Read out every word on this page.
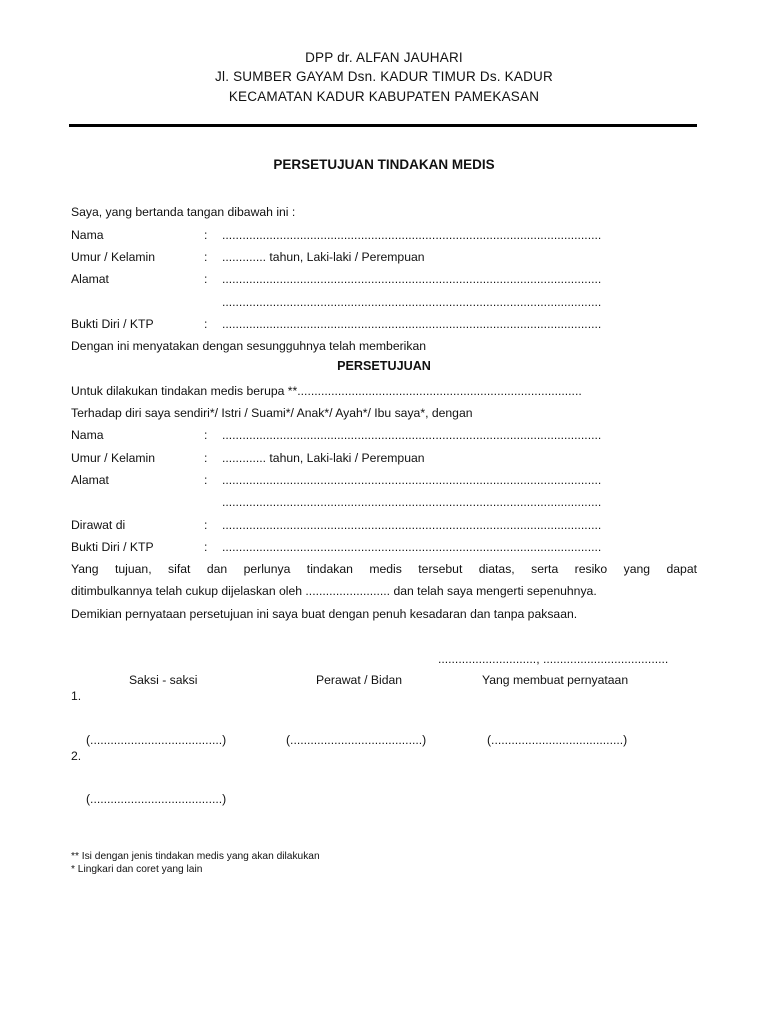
DPP dr. ALFAN JAUHARI
Jl. SUMBER GAYAM Dsn. KADUR TIMUR Ds. KADUR
KECAMATAN KADUR KABUPATEN PAMEKASAN
PERSETUJUAN TINDAKAN MEDIS
Saya, yang bertanda tangan dibawah ini :
Nama	: ................................................................................................................
Umur / Kelamin	: ............. tahun, Laki-laki / Perempuan
Alamat	: ................................................................................................................
................................................................................................................
Bukti Diri / KTP	: ................................................................................................................
Dengan ini menyatakan dengan sesungguhnya telah memberikan
PERSETUJUAN
Untuk dilakukan tindakan medis berupa **....................................................................................
Terhadap diri saya sendiri*/ Istri / Suami*/ Anak*/ Ayah*/ Ibu saya*, dengan
Nama	: ................................................................................................................
Umur / Kelamin	: ............. tahun, Laki-laki / Perempuan
Alamat	: ................................................................................................................
................................................................................................................
Dirawat di	: ................................................................................................................
Bukti Diri / KTP	: ................................................................................................................
Yang tujuan, sifat dan perlunya tindakan medis tersebut diatas, serta resiko yang dapat
ditimbulkannya telah cukup dijelaskan oleh ......................... dan telah saya mengerti sepenuhnya.
Demikian pernyataan persetujuan ini saya buat dengan penuh kesadaran dan tanpa paksaan.
............................., .....................................
Saksi - saksi	Perawat / Bidan	Yang membuat pernyataan
1.
(.......................................)	(.......................................)	(.......................................)
2.
(.......................................)
** Isi dengan jenis tindakan medis yang akan dilakukan
* Lingkari dan coret yang lain
